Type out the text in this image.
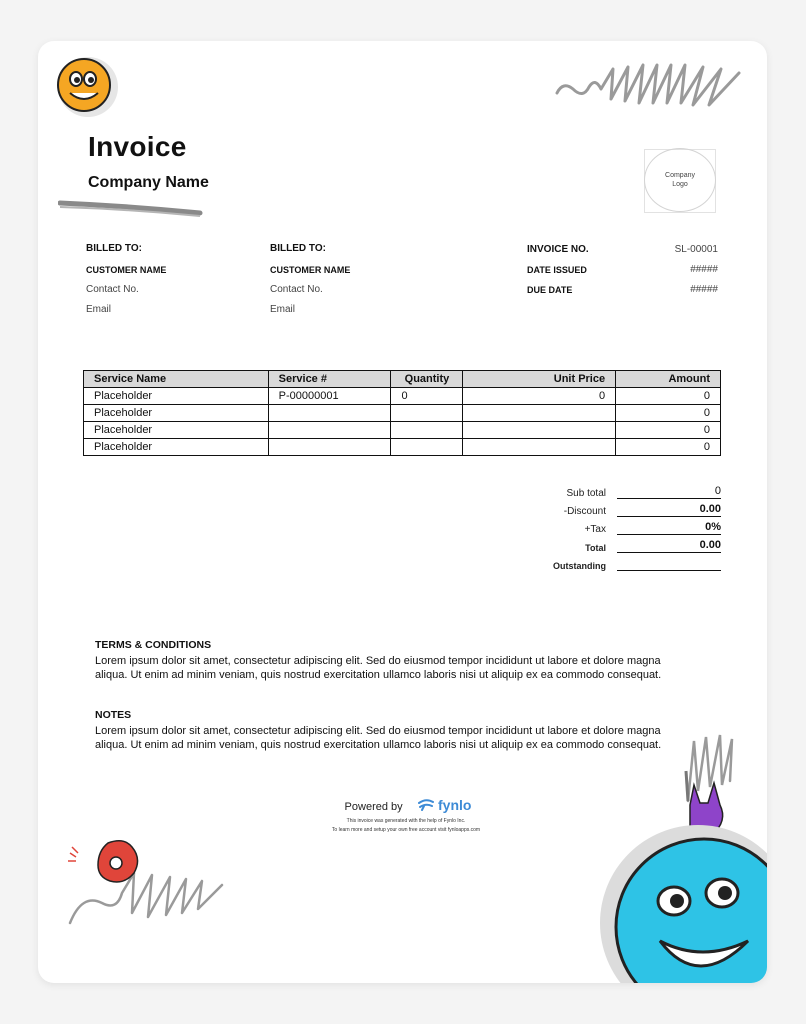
Invoice
Company Name	Company Logo
BILLED TO:
CUSTOMER NAME
Contact No.
Email
BILLED TO:
CUSTOMER NAME
Contact No.
Email
INVOICE NO.	SL-00001
DATE ISSUED	#####
DUE DATE	#####
Service Name	Service #	Quantity	Unit Price	Amount
Placeholder	P-00000001	0	0	0
Placeholder				0
Placeholder				0
Placeholder				0
Sub total	0
-Discount	0.00
+Tax	0%
Total	0.00
Outstanding
TERMS & CONDITIONS
Lorem ipsum dolor sit amet, consectetur adipiscing elit. Sed do eiusmod tempor incididunt ut labore et dolore magna aliqua. Ut enim ad minim veniam, quis nostrud exercitation ullamco laboris nisi ut aliquip ex ea commodo consequat.
NOTES
Lorem ipsum dolor sit amet, consectetur adipiscing elit. Sed do eiusmod tempor incididunt ut labore et dolore magna aliqua. Ut enim ad minim veniam, quis nostrud exercitation ullamco laboris nisi ut aliquip ex ea commodo consequat.
Powered by	fynlo
This invoice was generated with the help of Fynlo Inc.
To learn more and setup your own free account visit fynloapps.com
